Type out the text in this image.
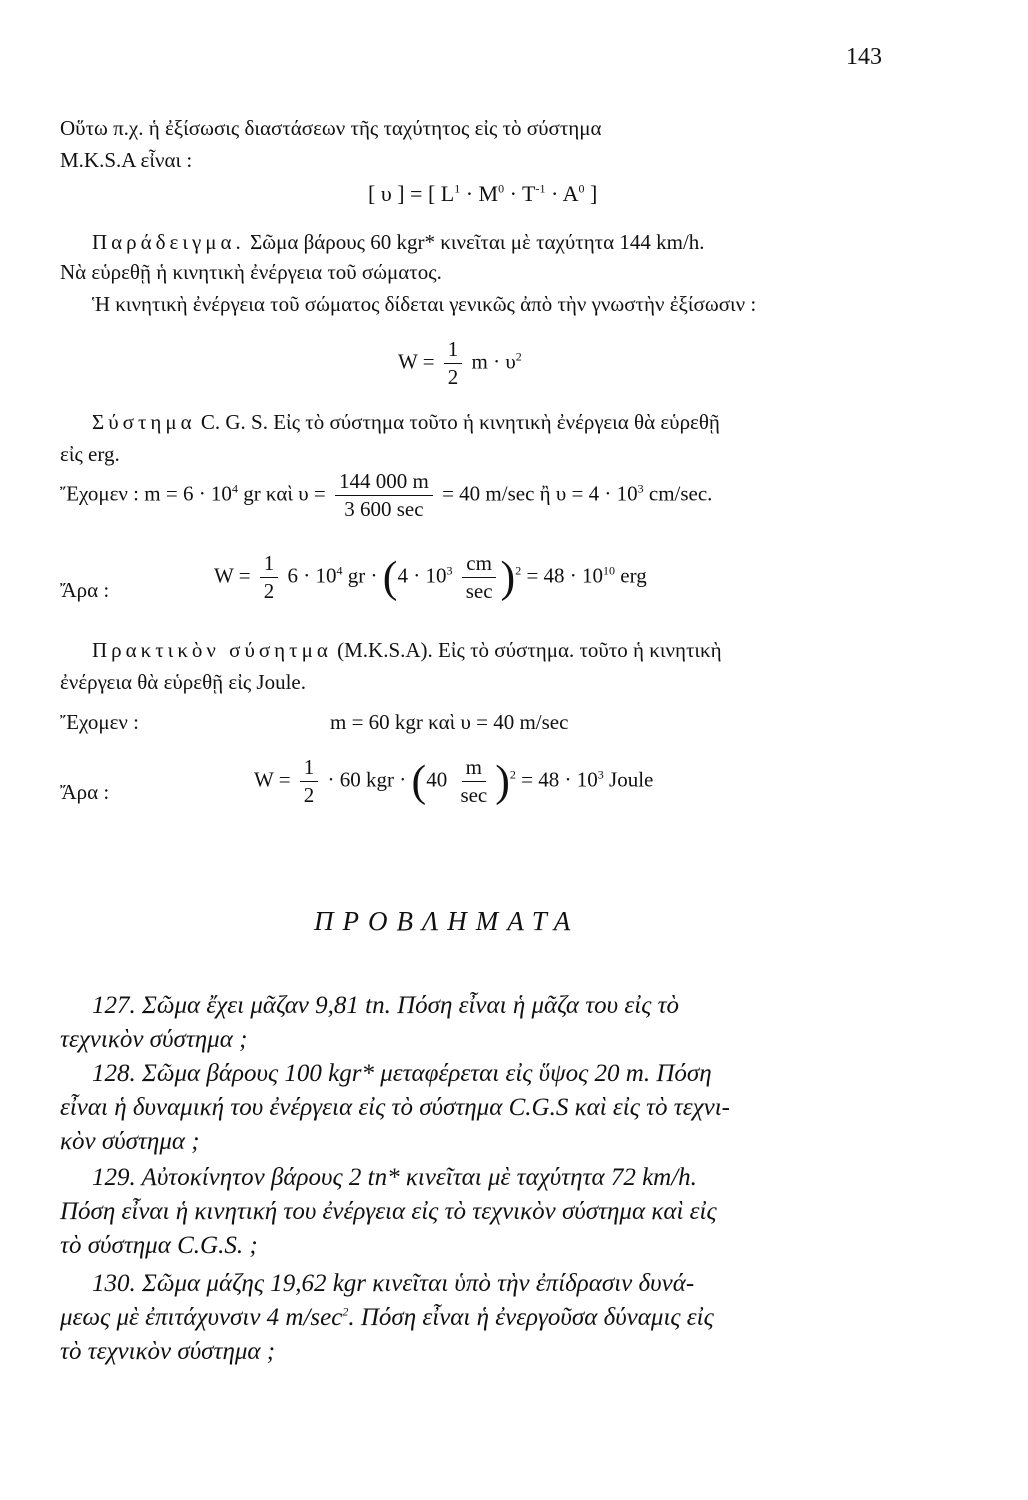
143
Οὕτω π.χ. ἡ ἐξίσωσις διαστάσεων τῆς ταχύτητος εἰς τὸ σύστημα
M.K.S.A εἶναι :
[ υ ] = [ $L^1 \cdot M^0 \cdot T^{-1} \cdot A^0$ ]
Παράδειγμα. Σῶμα βάρους 60 kgr* κινεῖται μὲ ταχύτητα 144 km/h.
Νὰ εὑρεθῇ ἡ κινητικὴ ἐνέργεια τοῦ σώματος.
Ἡ κινητικὴ ἐνέργεια τοῦ σώματος δίδεται γενικῶς ἀπὸ τὴν γνωστὴν ἐξίσωσιν :
$W = \frac{1}{2}$ $m \cdot \upsilon^2$
Σύστημα C. G. S. Εἰς τὸ σύστημα τοῦτο ἡ κινητικὴ ἐνέργεια θὰ εὑρεθῇ
εἰς erg.
Ἔχομεν : $m = 6 \cdot 10^4$ gr καὶ $\upsilon = \frac{144 000 m}{3 600 \sec} = 40$ m/sec ἢ $\upsilon = 4 \cdot 10^3$ cm/sec.
Ἄρα :
$W = \frac{1}{2} 6 \cdot 10^4$ gr · $(4 \cdot 10^3 \frac{cm}{\sec} )^2 = 48 \cdot 10^{10}$ erg
Πρακτικὸν σύσητμα (M.K.S.A). Εἰς τὸ σύστημα. τοῦτο ἡ κινητικὴ
ἐνέργεια θὰ εὑρεθῇ εἰς Joule.
Ἔχομεν :	m = 60 kgr καὶ υ = 40 m/sec
Ἄρα :
$W = \frac{1}{2} \cdot 60$ kgr · $(40 \frac{m}{\sec} )^2 = 48 \cdot 10^3$ Joule
ΠΡΟΒΛΗΜΑΤΑ
127. Σῶμα ἔχει μᾶζαν 9,81 tn. Πόση εἶναι ἡ μᾶζα του εἰς τὸ
τεχνικὸν σύστημα ;
128. Σῶμα βάρους 100 kgr* μεταφέρεται εἰς ὕψος 20 m. Πόση
εἶναι ἡ δυναμική του ἐνέργεια εἰς τὸ σύστημα C.G.S καὶ εἰς τὸ τεχνι-
κὸν σύστημα ;
129. Αὐτοκίνητον βάρους 2 tn* κινεῖται μὲ ταχύτητα 72 km/h.
Πόση εἶναι ἡ κινητική του ἐνέργεια εἰς τὸ τεχνικὸν σύστημα καὶ εἰς
τὸ σύστημα C.G.S. ;
130. Σῶμα μάζης 19,62 kgr κινεῖται ὑπὸ τὴν ἐπίδρασιν δυνά-
μεως μὲ ἐπιτάχυνσιν 4 $m/\sec^2$. Πόση εἶναι ἡ ἐνεργοῦσα δύναμις εἰς
τὸ τεχνικὸν σύστημα ;
